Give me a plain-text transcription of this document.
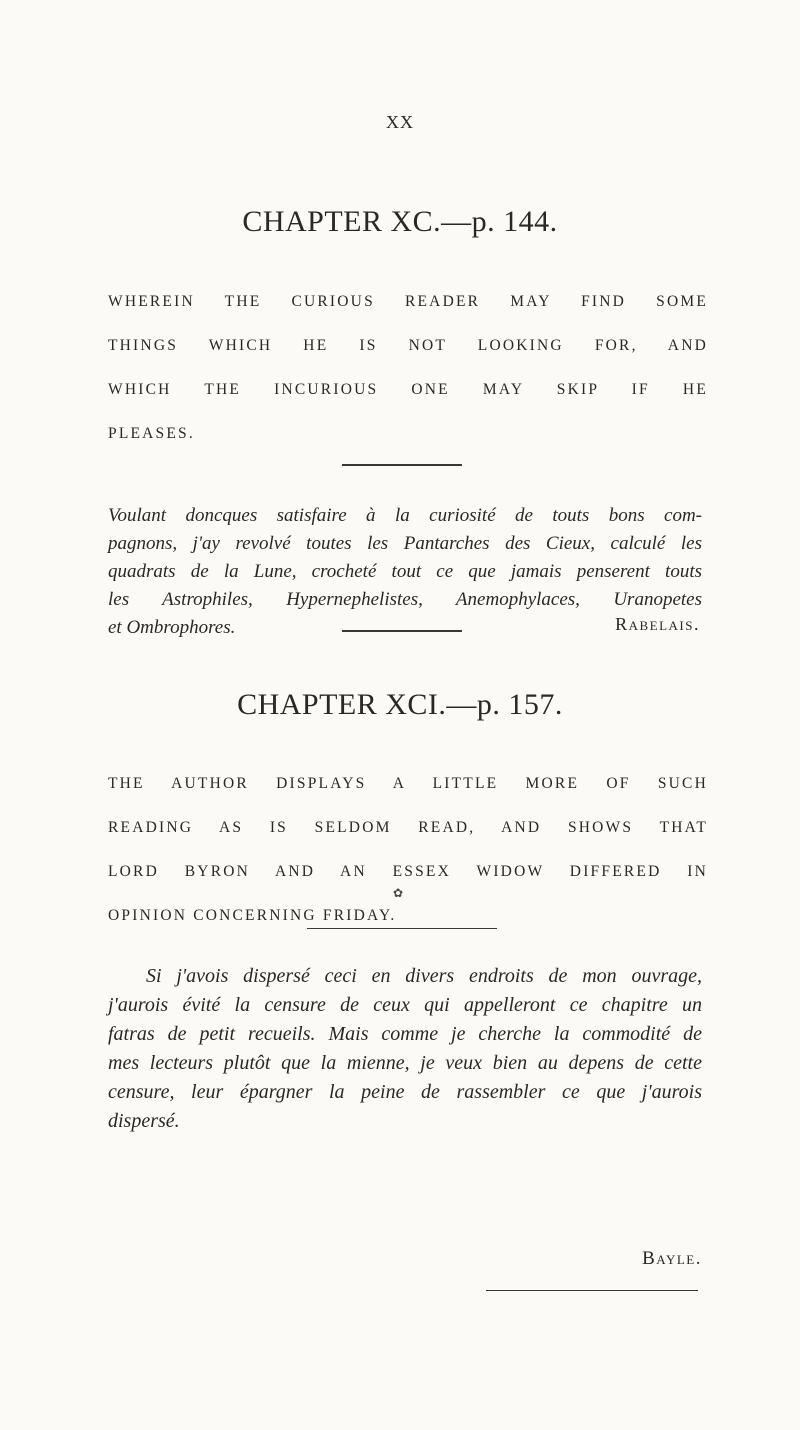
XX
CHAPTER XC.—p. 144.

WHEREIN THE CURIOUS READER MAY FIND SOME
THINGS WHICH HE IS NOT LOOKING FOR, AND
WHICH THE INCURIOUS ONE MAY SKIP IF HE
PLEASES.

Voulant doncques satisfaire à la curiosité de touts bons com-
pagnons, j'ay revolvé toutes les Pantarches des Cieux, calculé les
quadrats de la Lune, crocheté tout ce que jamais penserent touts
les Astrophiles, Hypernephelistes, Anemophylaces, Uranopetes
et Ombrophores.	Rabelais.
CHAPTER XCI.—p. 157.

THE AUTHOR DISPLAYS A LITTLE MORE OF SUCH
READING AS IS SELDOM READ, AND SHOWS THAT
LORD BYRON AND AN ESSEX WIDOW DIFFERED IN
OPINION CONCERNING FRIDAY.

✿

Si j'avois dispersé ceci en divers endroits de mon ouvrage,
j'aurois évité la censure de ceux qui appelleront ce chapitre un
fatras de petit recueils. Mais comme je cherche la commodité de
mes lecteurs plutôt que la mienne, je veux bien au depens de cette
censure, leur épargner la peine de rassembler ce que j'aurois
dispersé.

Bayle.
